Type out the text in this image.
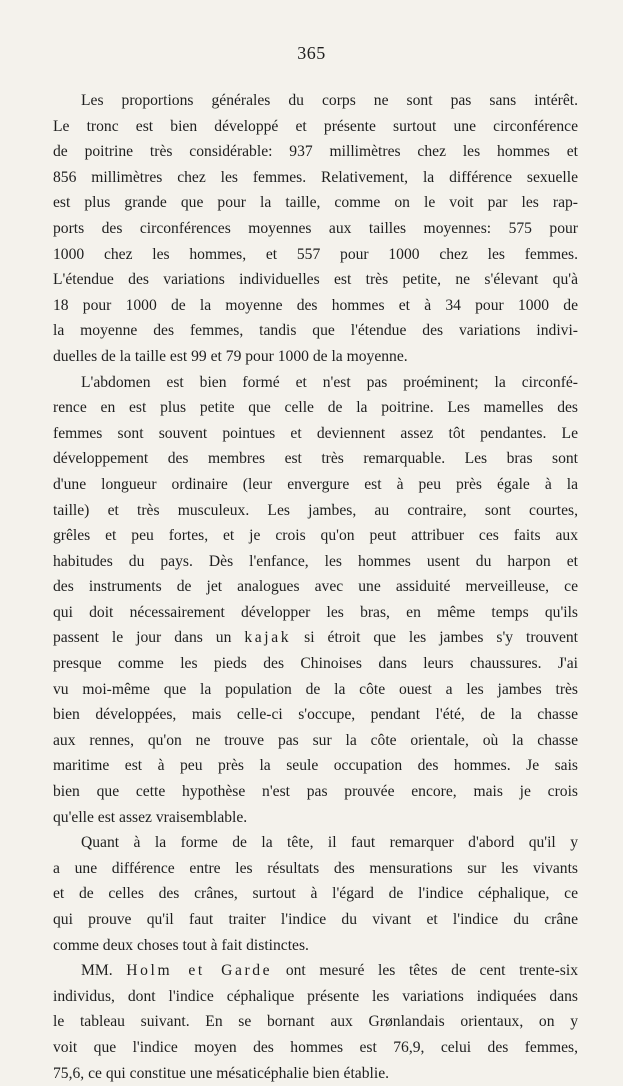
365
Les proportions générales du corps ne sont pas sans intérêt.
Le tronc est bien développé et présente surtout une circonférence
de poitrine très considérable: 937 millimètres chez les hommes et
856 millimètres chez les femmes. Relativement, la différence sexuelle
est plus grande que pour la taille, comme on le voit par les rap-
ports des circonférences moyennes aux tailles moyennes: 575 pour
1000 chez les hommes, et 557 pour 1000 chez les femmes.
L'étendue des variations individuelles est très petite, ne s'élevant qu'à
18 pour 1000 de la moyenne des hommes et à 34 pour 1000 de
la moyenne des femmes, tandis que l'étendue des variations indivi-
duelles de la taille est 99 et 79 pour 1000 de la moyenne.
L'abdomen est bien formé et n'est pas proéminent; la circonfé-
rence en est plus petite que celle de la poitrine. Les mamelles des
femmes sont souvent pointues et deviennent assez tôt pendantes. Le
développement des membres est très remarquable. Les bras sont
d'une longueur ordinaire (leur envergure est à peu près égale à la
taille) et très musculeux. Les jambes, au contraire, sont courtes,
grêles et peu fortes, et je crois qu'on peut attribuer ces faits aux
habitudes du pays. Dès l'enfance, les hommes usent du harpon et
des instruments de jet analogues avec une assiduité merveilleuse, ce
qui doit nécessairement développer les bras, en même temps qu'ils
passent le jour dans un kajak si étroit que les jambes s'y trouvent
presque comme les pieds des Chinoises dans leurs chaussures. J'ai
vu moi-même que la population de la côte ouest a les jambes très
bien développées, mais celle-ci s'occupe, pendant l'été, de la chasse
aux rennes, qu'on ne trouve pas sur la côte orientale, où la chasse
maritime est à peu près la seule occupation des hommes. Je sais
bien que cette hypothèse n'est pas prouvée encore, mais je crois
qu'elle est assez vraisemblable.
Quant à la forme de la tête, il faut remarquer d'abord qu'il y
a une différence entre les résultats des mensurations sur les vivants
et de celles des crânes, surtout à l'égard de l'indice céphalique, ce
qui prouve qu'il faut traiter l'indice du vivant et l'indice du crâne
comme deux choses tout à fait distinctes.
MM. Holm et Garde ont mesuré les têtes de cent trente-six
individus, dont l'indice céphalique présente les variations indiquées dans
le tableau suivant. En se bornant aux Grønlandais orientaux, on y
voit que l'indice moyen des hommes est 76,9, celui des femmes,
75,6, ce qui constitue une mésaticéphalie bien établie.
